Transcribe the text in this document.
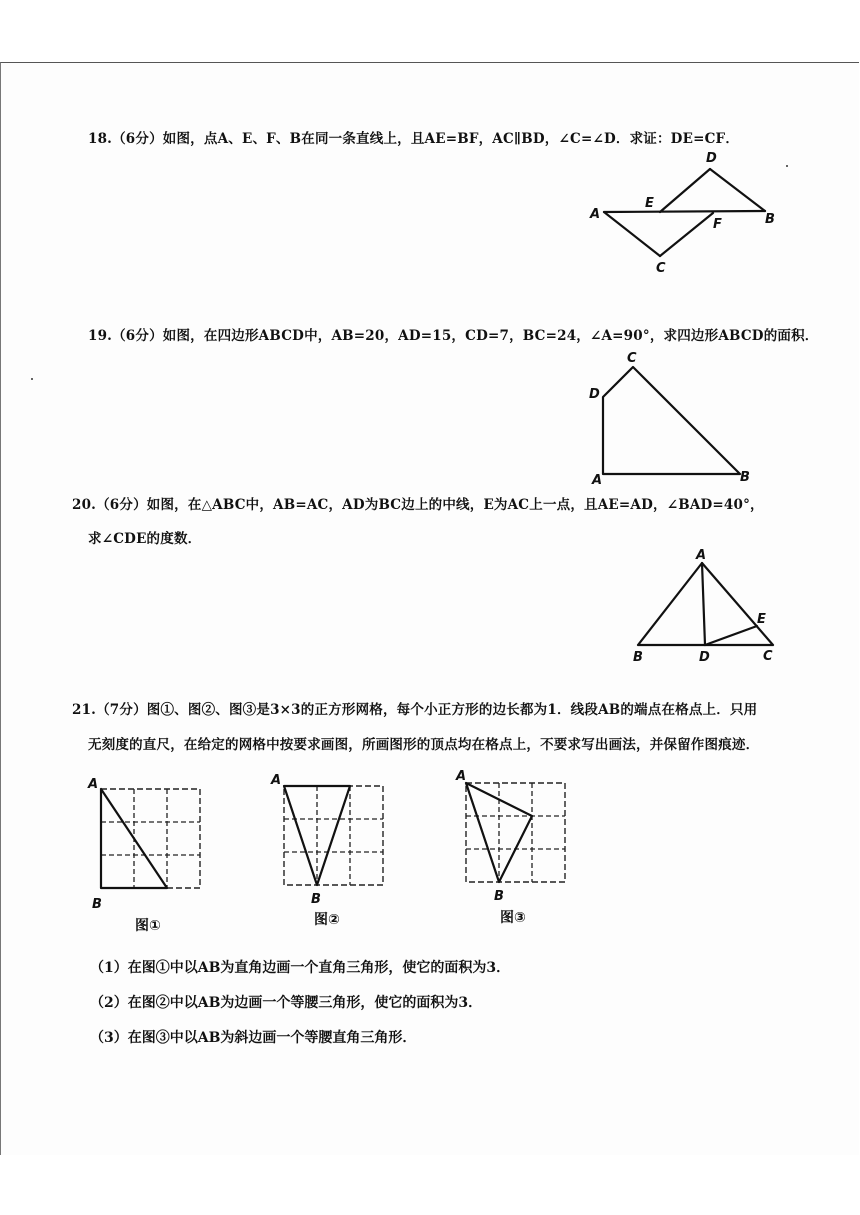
18.（6分）如图，点A、E、F、B在同一条直线上，且AE=BF，AC∥BD，∠C=∠D．求证：DE=CF．
D
A
E
F	B
C
19.（6分）如图，在四边形ABCD中，AB=20，AD=15，CD=7，BC=24，∠A=90°，求四边形ABCD的面积．
C
D
A	B
20.（6分）如图，在△ABC中，AB=AC，AD为BC边上的中线，E为AC上一点，且AE=AD，∠BAD=40°，
求∠CDE的度数．
A
E
B	D	C
21.（7分）图①、图②、图③是3×3的正方形网格，每个小正方形的边长都为1．线段AB的端点在格点上．只用
无刻度的直尺，在给定的网格中按要求画图，所画图形的顶点均在格点上，不要求写出画法，并保留作图痕迹．
A
B
图①
A
B
图②
A
B
图③
（1）在图①中以AB为直角边画一个直角三角形，使它的面积为3．
（2）在图②中以AB为边画一个等腰三角形，使它的面积为3．
（3）在图③中以AB为斜边画一个等腰直角三角形．
